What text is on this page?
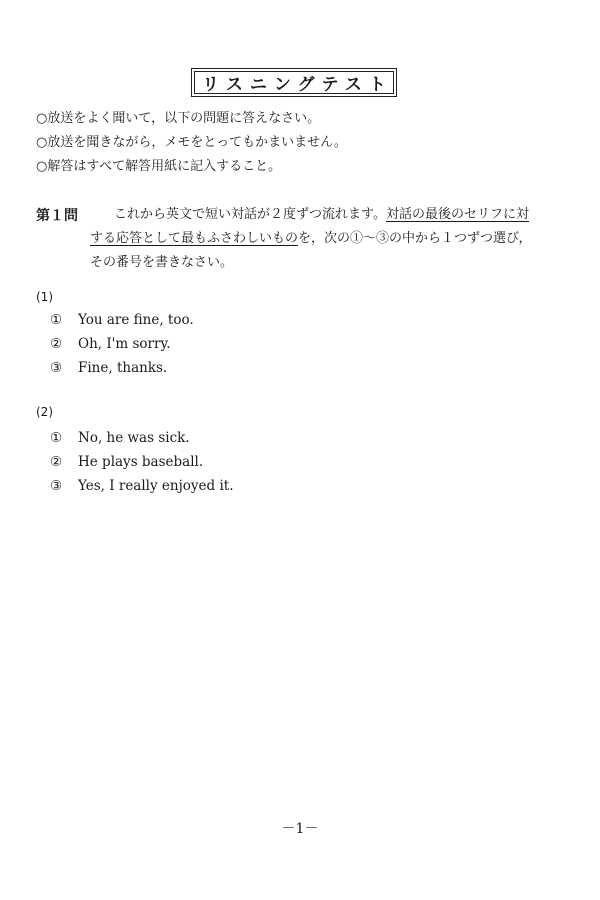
リスニングテスト
○放送をよく聞いて，以下の問題に答えなさい。
○放送を聞きながら，メモをとってもかまいません。
○解答はすべて解答用紙に記入すること。
第１問	これから英文で短い対話が２度ずつ流れます。対話の最後のセリフに対
する応答として最もふさわしいものを，次の①～③の中から１つずつ選び，
その番号を書きなさい。
(1)
①	You are fine, too.
②	Oh, I'm sorry.
③	Fine, thanks.
(2)
①	No, he was sick.
②	He plays baseball.
③	Yes, I really enjoyed it.
－1－
